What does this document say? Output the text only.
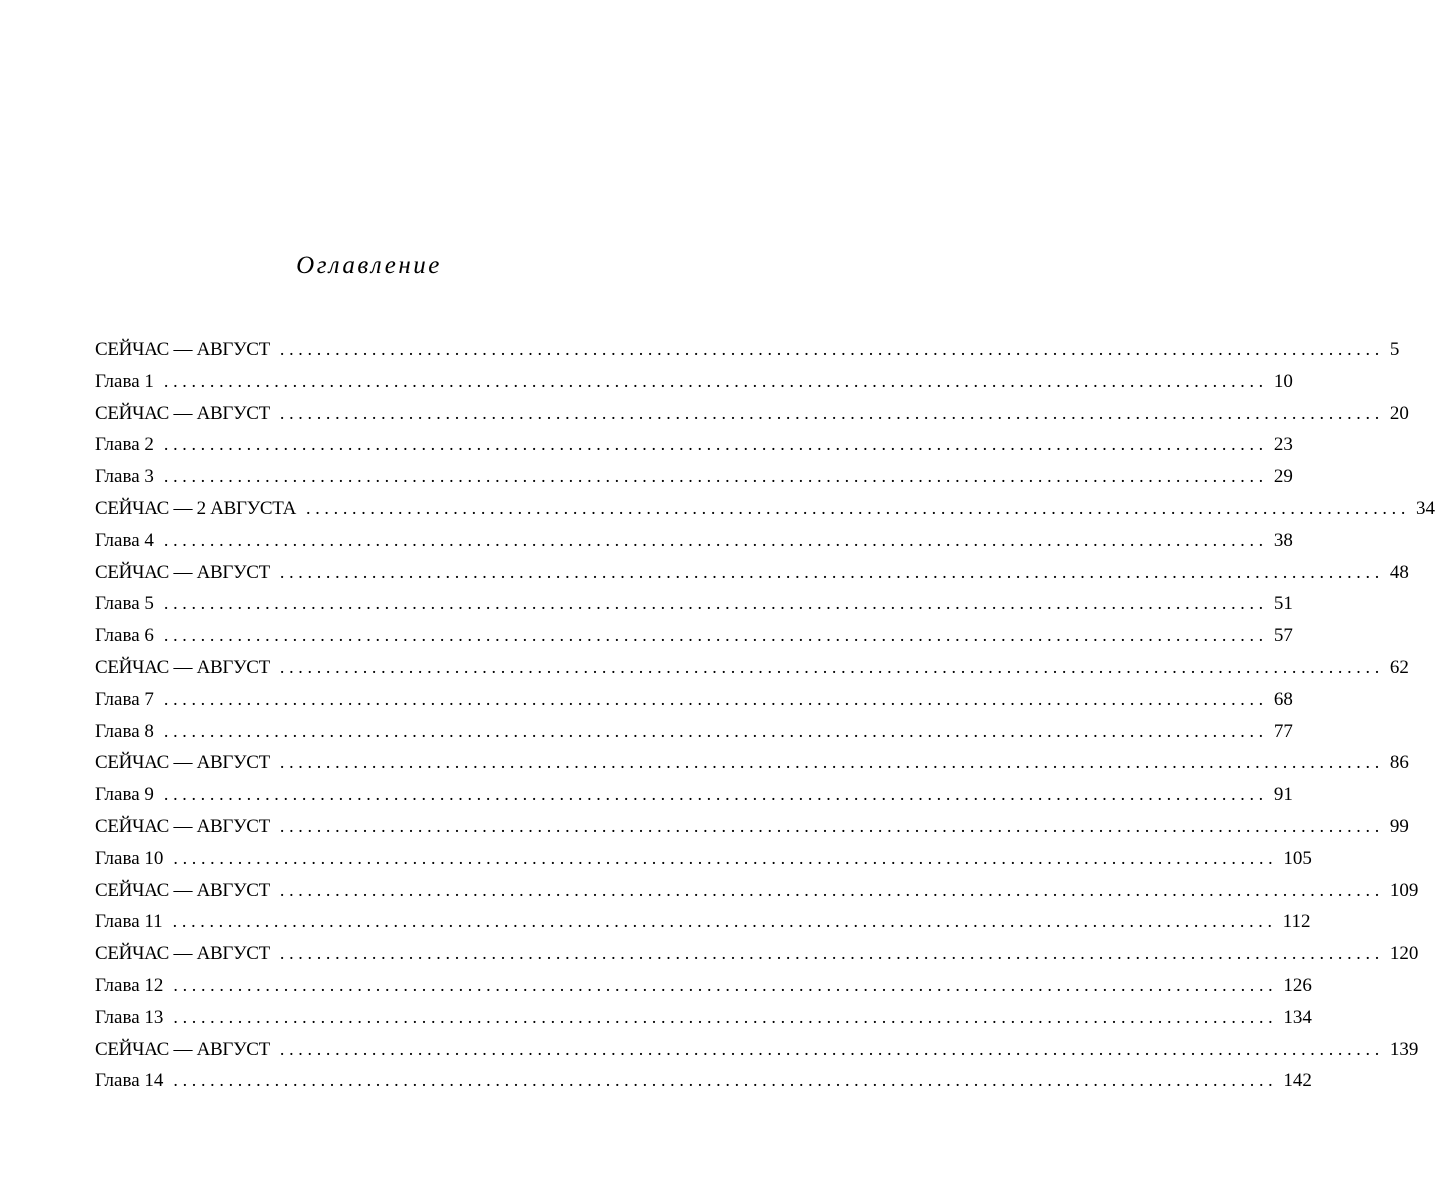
Оглавление
СЕЙЧАС — АВГУСТ ........................................................................................................................ 5
Глава 1 ........................................................................................................................ 10
СЕЙЧАС — АВГУСТ ........................................................................................................................ 20
Глава 2 ........................................................................................................................ 23
Глава 3 ........................................................................................................................ 29
СЕЙЧАС — 2 АВГУСТА ........................................................................................................................ 34
Глава 4 ........................................................................................................................ 38
СЕЙЧАС — АВГУСТ ........................................................................................................................ 48
Глава 5 ........................................................................................................................ 51
Глава 6 ........................................................................................................................ 57
СЕЙЧАС — АВГУСТ ........................................................................................................................ 62
Глава 7 ........................................................................................................................ 68
Глава 8 ........................................................................................................................ 77
СЕЙЧАС — АВГУСТ ........................................................................................................................ 86
Глава 9 ........................................................................................................................ 91
СЕЙЧАС — АВГУСТ ........................................................................................................................ 99
Глава 10 ........................................................................................................................ 105
СЕЙЧАС — АВГУСТ ........................................................................................................................ 109
Глава 11 ........................................................................................................................ 112
СЕЙЧАС — АВГУСТ ........................................................................................................................ 120
Глава 12 ........................................................................................................................ 126
Глава 13 ........................................................................................................................ 134
СЕЙЧАС — АВГУСТ ........................................................................................................................ 139
Глава 14 ........................................................................................................................ 142
